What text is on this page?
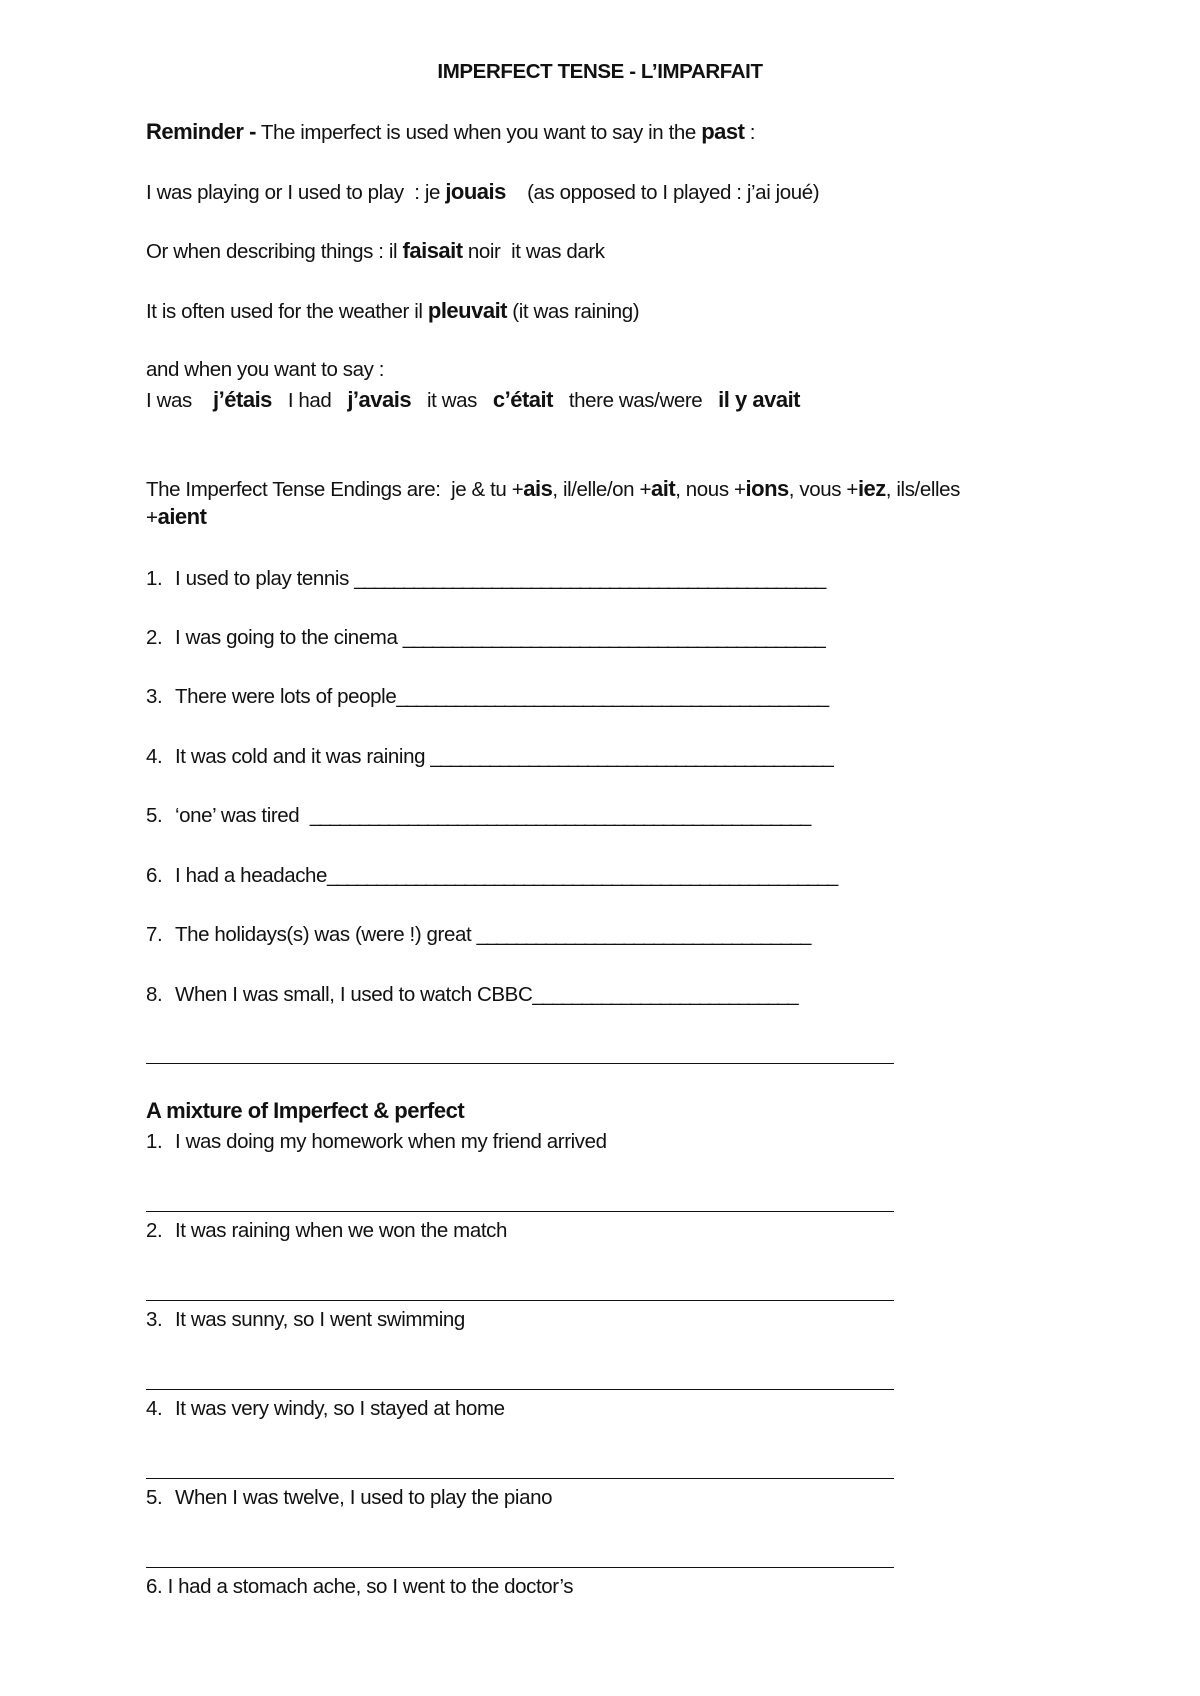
IMPERFECT TENSE - L’IMPARFAIT
Reminder - The imperfect is used when you want to say in the past :
I was playing or I used to play  : je jouais    (as opposed to I played : j’ai joué)
Or when describing things : il faisait noir  it was dark
It is often used for the weather il pleuvait (it was raining)
and when you want to say :
I was j’étais I had j’avais it was c’était there was/were il y avait
The Imperfect Tense Endings are:  je & tu +ais, il/elle/on +ait, nous +ions, vous +iez, ils/elles
+aient
1. I used to play tennis ________________________________________________
2. I was going to the cinema ___________________________________________
3. There were lots of people____________________________________________
4. It was cold and it was raining _________________________________________
5. ‘one’ was tired  ___________________________________________________
6. I had a headache____________________________________________________
7. The holidays(s) was (were !) great __________________________________
8. When I was small, I used to watch CBBC___________________________
A mixture of Imperfect & perfect
1. I was doing my homework when my friend arrived
2. It was raining when we won the match
3. It was sunny, so I went swimming
4. It was very windy, so I stayed at home
5. When I was twelve, I used to play the piano
6. I had a stomach ache, so I went to the doctor’s
